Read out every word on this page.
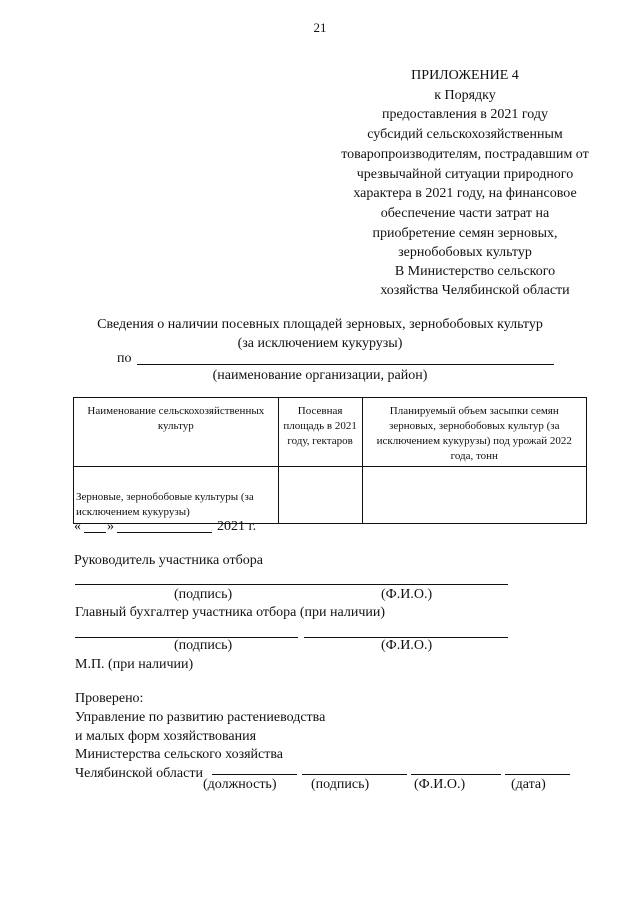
21
ПРИЛОЖЕНИЕ 4
к Порядку
предоставления в 2021 году
субсидий сельскохозяйственным
товаропроизводителям, пострадавшим от
чрезвычайной ситуации природного
характера в 2021 году, на финансовое
обеспечение части затрат на
приобретение семян зерновых,
зернобобовых культур
В Министерство сельского
хозяйства Челябинской области
Сведения о наличии посевных площадей зерновых, зернобобовых культур
(за исключением кукурузы)
по
(наименование организации, район)
Наименование сельскохозяйственных культур	Посевная площадь в 2021 году, гектаров	Планируемый объем засыпки семян зерновых, зернобобовых культур (за исключением кукурузы) под урожай 2022 года, тонн
Зерновые, зернобобовые культуры (за исключением кукурузы)		
« »	2021 г.
Руководитель участника отбора
(подпись)	(Ф.И.О.)
Главный бухгалтер участника отбора (при наличии)
(подпись)	(Ф.И.О.)
М.П. (при наличии)
Проверено:
Управление по развитию растениеводства
и малых форм хозяйствования
Министерства сельского хозяйства
Челябинской области
(должность) (подпись)	(Ф.И.О.)	(дата)
